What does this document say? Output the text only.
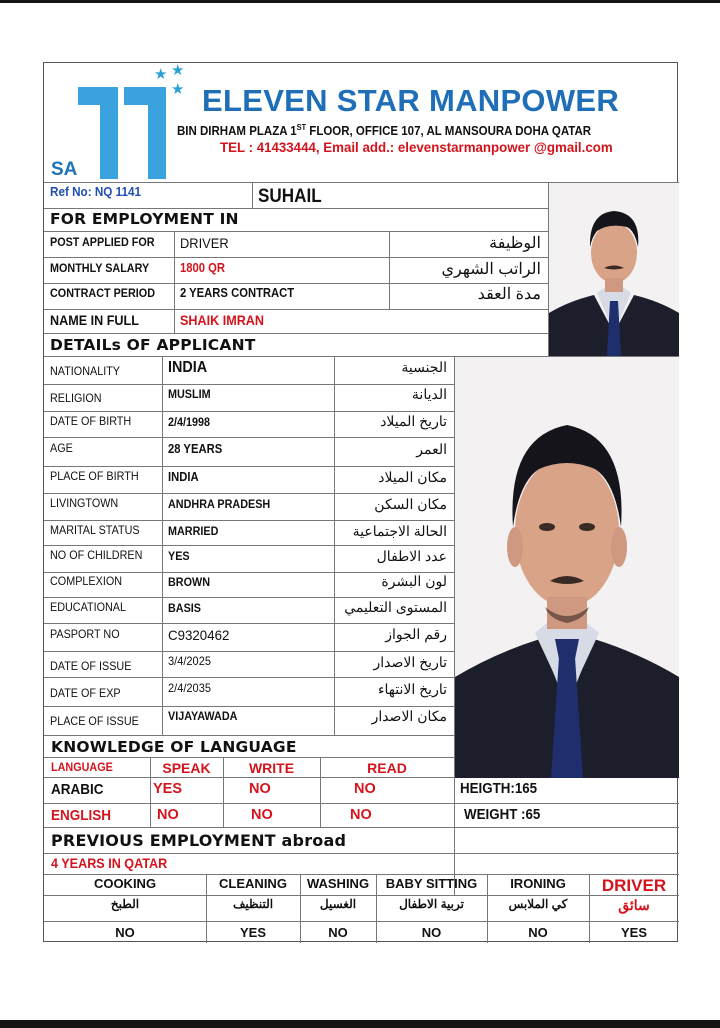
★ ★
★
SA
ELEVEN STAR MANPOWER
BIN DIRHAM PLAZA 1ST FLOOR, OFFICE 107, AL MANSOURA DOHA QATAR
TEL : 41433444, Email add.: elevenstarmanpower @gmail.com
Ref No: NQ 1141	SUHAIL
FOR EMPLOYMENT IN
POST APPLIED FOR DRIVER	الوظيفة
MONTHLY SALARY 1800 QR	الراتب الشهري
CONTRACT PERIOD 2 YEARS CONTRACT	مدة العقد
NAME IN FULL	SHAIK IMRAN
DETAILs OF APPLICANT
NATIONALITY	INDIA	الجنسية
RELIGION	MUSLIM	الديانة
DATE OF BIRTH	2/4/1998	تاريخ الميلاد
AGE	28 YEARS	العمر
PLACE OF BIRTH INDIA	مكان الميلاد
LIVINGTOWN	ANDHRA PRADESH	مكان السكن
MARITAL STATUS MARRIED	الحالة الاجتماعية
NO OF CHILDREN YES	عدد الاطفال
COMPLEXION	BROWN	لون البشرة
EDUCATIONAL	BASIS	المستوى التعليمي
PASPORT NO	C9320462	رقم الجواز
DATE OF ISSUE	3/4/2025	تاريخ الاصدار
DATE OF EXP	2/4/2035	تاريخ الانتهاء
PLACE OF ISSUE VIJAYAWADA	مكان الاصدار
KNOWLEDGE OF LANGUAGE
LANGUAGE	SPEAK	WRITE	READ
ARABIC	YES	NO	NO
ENGLISH	NO	NO	NO
HEIGTH:165
WEIGHT :65
PREVIOUS EMPLOYMENT abroad
4 YEARS IN QATAR
COOKING	CLEANING	WASHING	BABY SITTING	IRONING	DRIVER
الطبخ	التنظيف	الغسيل	تربية الاطفال	كي الملابس	سائق
NO	YES	NO	NO	NO	YES
